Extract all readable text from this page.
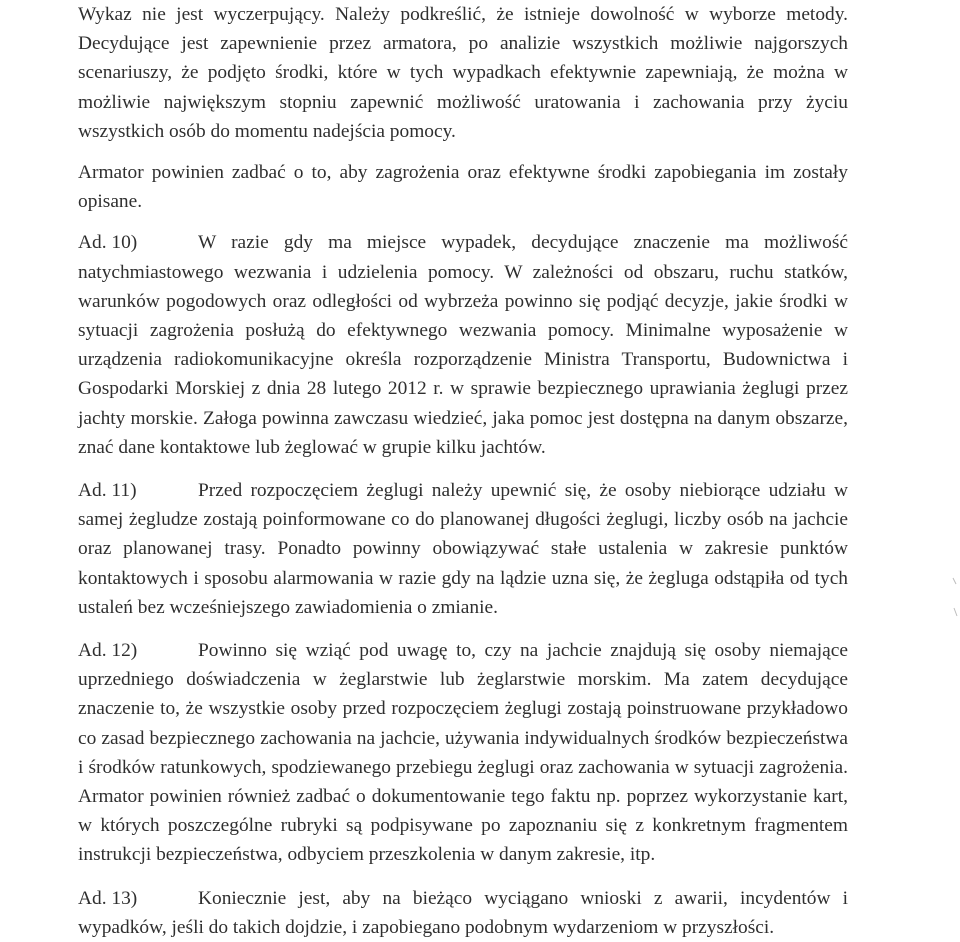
Wykaz nie jest wyczerpujący. Należy podkreślić, że istnieje dowolność w wyborze metody. Decydujące jest zapewnienie przez armatora, po analizie wszystkich możliwie najgorszych scenariuszy, że podjęto środki, które w tych wypadkach efektywnie zapewniają, że można w możliwie największym stopniu zapewnić możliwość uratowania i zachowania przy życiu wszystkich osób do momentu nadejścia pomocy.

Armator powinien zadbać o to, aby zagrożenia oraz efektywne środki zapobiegania im zostały opisane.

Ad. 10)	W razie gdy ma miejsce wypadek, decydujące znaczenie ma możliwość natychmiastowego wezwania i udzielenia pomocy. W zależności od obszaru, ruchu statków, warunków pogodowych oraz odległości od wybrzeża powinno się podjąć decyzje, jakie środki w sytuacji zagrożenia posłużą do efektywnego wezwania pomocy. Minimalne wyposażenie w urządzenia radiokomunikacyjne określa rozporządzenie Ministra Transportu, Budownictwa i Gospodarki Morskiej z dnia 28 lutego 2012 r. w sprawie bezpiecznego uprawiania żeglugi przez jachty morskie. Załoga powinna zawczasu wiedzieć, jaka pomoc jest dostępna na danym obszarze, znać dane kontaktowe lub żeglować w grupie kilku jachtów.

Ad. 11)	Przed rozpoczęciem żeglugi należy upewnić się, że osoby niebiorące udziału w samej żegludze zostają poinformowane co do planowanej długości żeglugi, liczby osób na jachcie oraz planowanej trasy. Ponadto powinny obowiązywać stałe ustalenia w zakresie punktów kontaktowych i sposobu alarmowania w razie gdy na lądzie uzna się, że żegluga odstąpiła od tych ustaleń bez wcześniejszego zawiadomienia o zmianie.

Ad. 12)	Powinno się wziąć pod uwagę to, czy na jachcie znajdują się osoby niemające uprzedniego doświadczenia w żeglarstwie lub żeglarstwie morskim. Ma zatem decydujące znaczenie to, że wszystkie osoby przed rozpoczęciem żeglugi zostają poinstruowane przykładowo co zasad bezpiecznego zachowania na jachcie, używania indywidualnych środków bezpieczeństwa i środków ratunkowych, spodziewanego przebiegu żeglugi oraz zachowania w sytuacji zagrożenia. Armator powinien również zadbać o dokumentowanie tego faktu np. poprzez wykorzystanie kart, w których poszczególne rubryki są podpisywane po zapoznaniu się z konkretnym fragmentem instrukcji bezpieczeństwa, odbyciem przeszkolenia w danym zakresie, itp.

Ad. 13)	Koniecznie jest, aby na bieżąco wyciągano wnioski z awarii, incydentów i wypadków, jeśli do takich dojdzie, i zapobiegano podobnym wydarzeniom w przyszłości.
